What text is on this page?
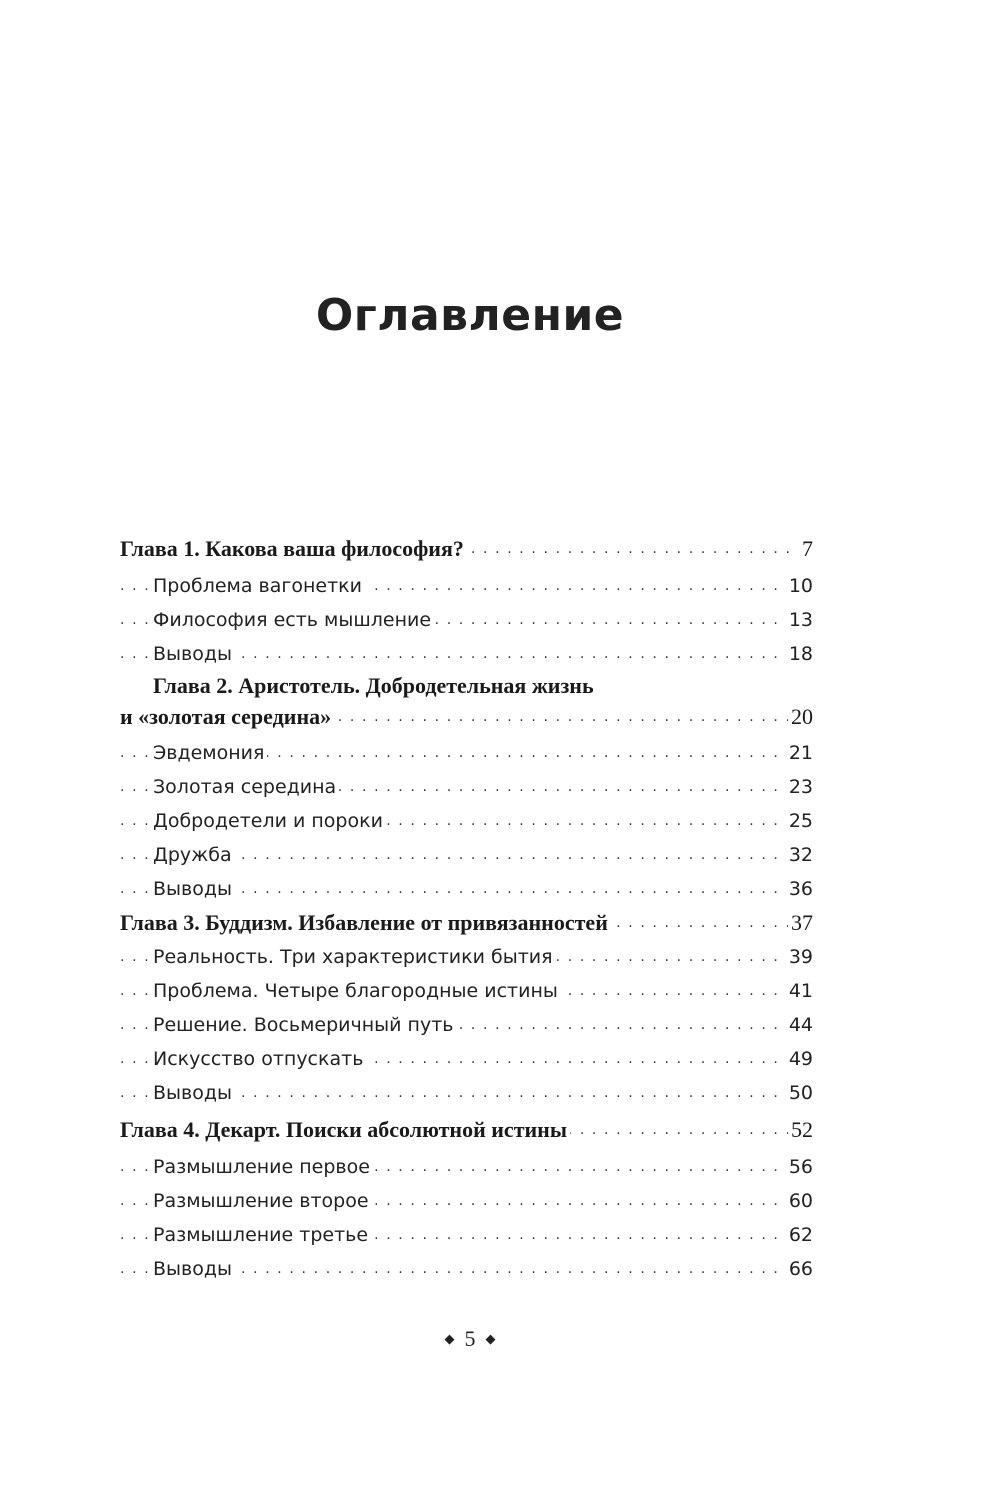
Оглавление
Глава 1. Какова ваша философия?	7
. . .
Проблема вагонетки	10
. . .
Философия есть мышление	13
. . .
Выводы	18
. . .
Глава 2. Аристотель. Добродетельная жизнь
и «золотая середина»	20
. . .
Эвдемония	21
. . .
Золотая середина	23
. . .
Добродетели и пороки	25
. . .
Дружба	32
. . .
Выводы	36
. . .
Глава 3. Буддизм. Избавление от привязанностей	37
. . .
Реальность. Три характеристики бытия	39
. . .
Проблема. Четыре благородные истины	41
. . .
Решение. Восьмеричный путь	44
. . .
Искусство отпускать	49
. . .
Выводы	50
. . .
Глава 4. Декарт. Поиски абсолютной истины	52
. . .
Размышление первое	56
. . .
Размышление второе	60
. . .
Размышление третье	62
. . .
Выводы	66
. . .
◆ 5 ◆
